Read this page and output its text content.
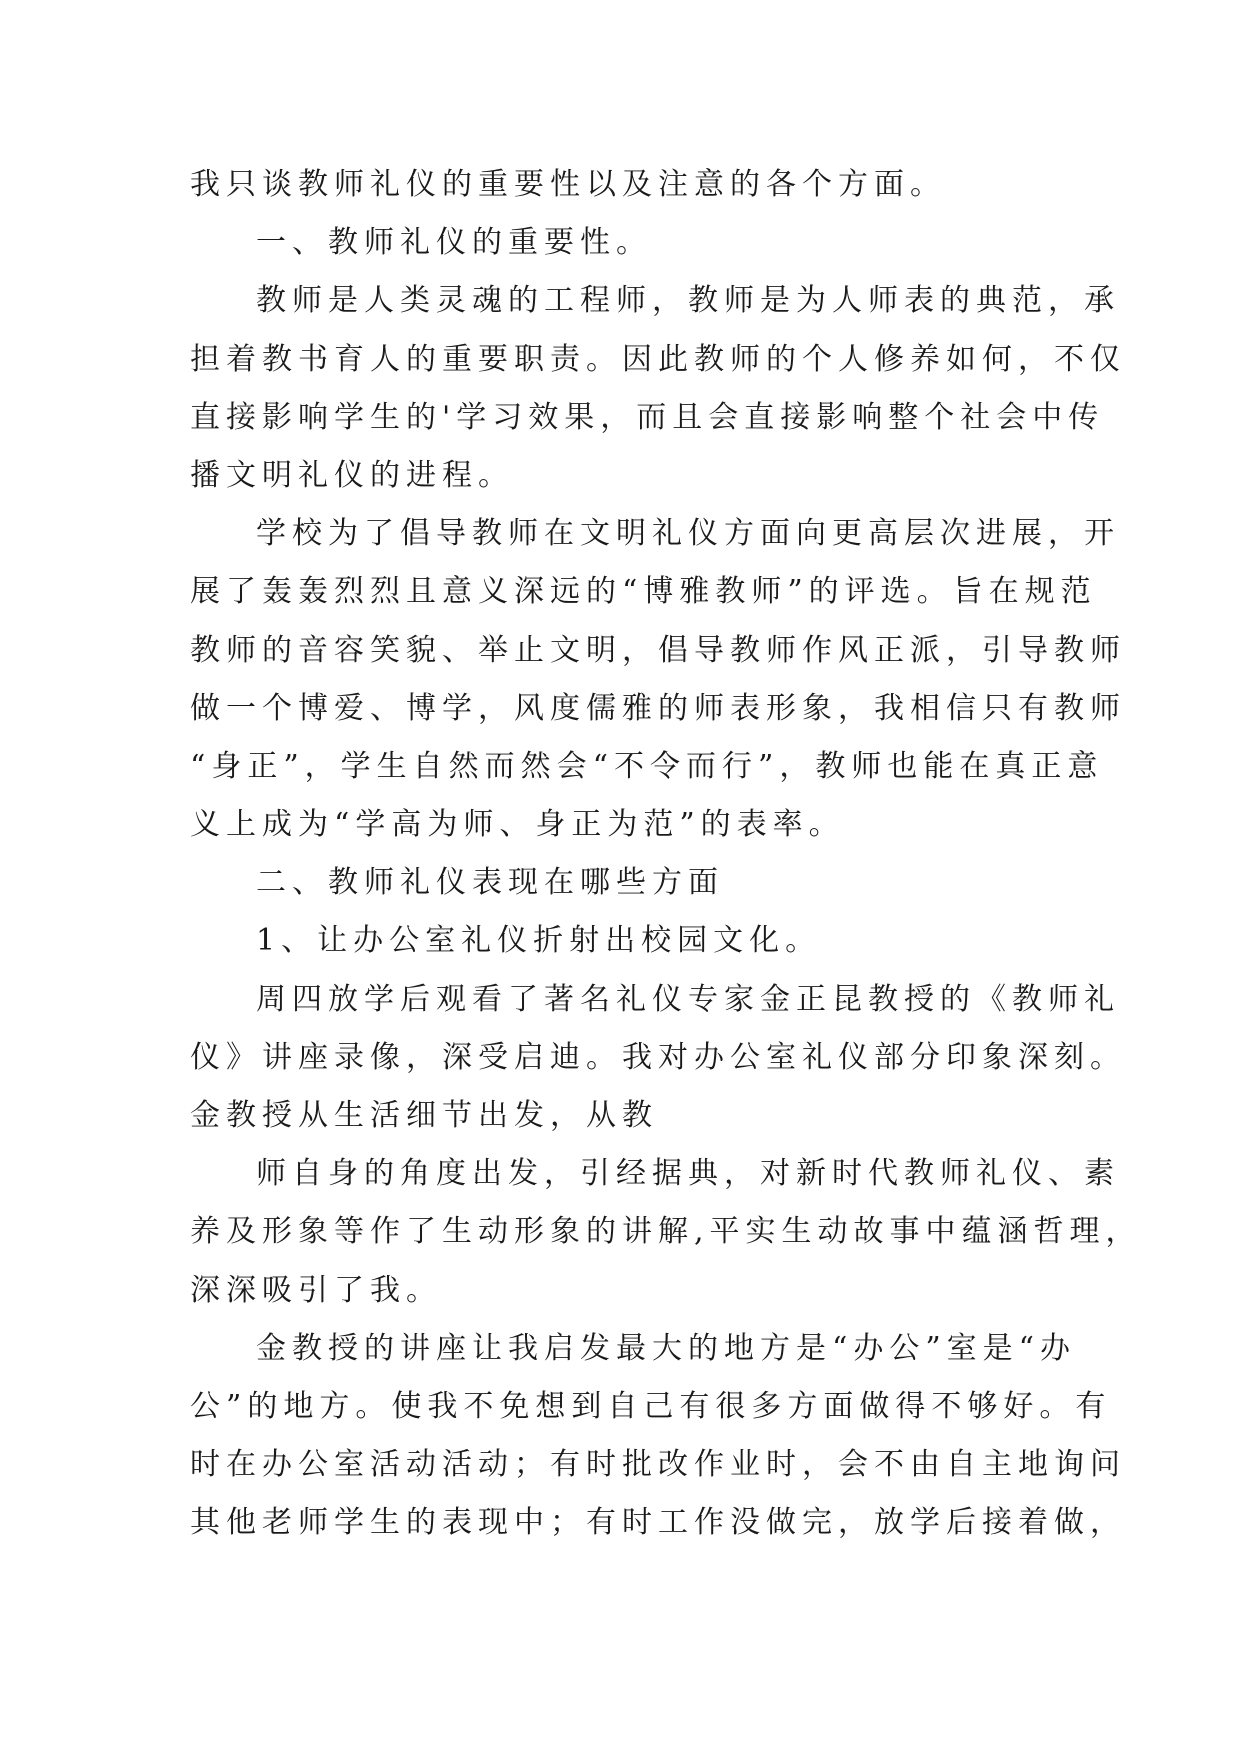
我只谈教师礼仪的重要性以及注意的各个方面。
一、教师礼仪的重要性。
教师是人类灵魂的工程师，教师是为人师表的典范，承
担着教书育人的重要职责。因此教师的个人修养如何，不仅
直接影响学生的'学习效果，而且会直接影响整个社会中传
播文明礼仪的进程。
学校为了倡导教师在文明礼仪方面向更高层次进展，开
展了轰轰烈烈且意义深远的“博雅教师”的评选。旨在规范
教师的音容笑貌、举止文明，倡导教师作风正派，引导教师
做一个博爱、博学，风度儒雅的师表形象，我相信只有教师
“身正”，学生自然而然会“不令而行”，教师也能在真正意
义上成为“学高为师、身正为范”的表率。
二、教师礼仪表现在哪些方面
1、让办公室礼仪折射出校园文化。
周四放学后观看了著名礼仪专家金正昆教授的《教师礼
仪》讲座录像，深受启迪。我对办公室礼仪部分印象深刻。
金教授从生活细节出发，从教
师自身的角度出发，引经据典，对新时代教师礼仪、素
养及形象等作了生动形象的讲解,平实生动故事中蕴涵哲理，
深深吸引了我。
金教授的讲座让我启发最大的地方是“办公”室是“办
公”的地方。使我不免想到自己有很多方面做得不够好。有
时在办公室活动活动；有时批改作业时，会不由自主地询问
其他老师学生的表现中；有时工作没做完，放学后接着做，
